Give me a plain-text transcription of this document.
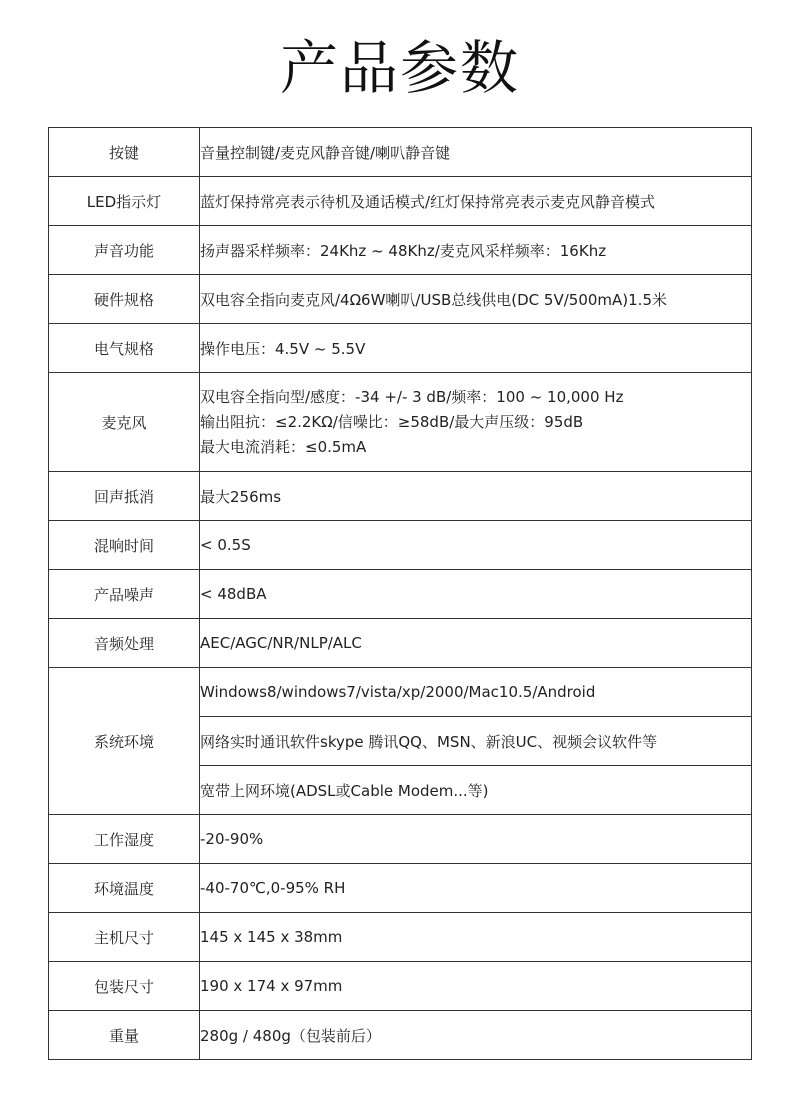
产品参数
按键	音量控制键/麦克风静音键/喇叭静音键
LED指示灯	蓝灯保持常亮表示待机及通话模式/红灯保持常亮表示麦克风静音模式
声音功能	扬声器采样频率：24Khz ~ 48Khz/麦克风采样频率：16Khz
硬件规格	双电容全指向麦克风/4Ω6W喇叭/USB总线供电(DC 5V/500mA)1.5米
电气规格	操作电压：4.5V ~ 5.5V
麦克风	双电容全指向型/感度：-34 +/- 3 dB/频率：100 ~ 10,000 Hz
输出阻抗：≤2.2KΩ/信噪比：≥58dB/最大声压级：95dB
最大电流消耗：≤0.5mA

回声抵消	最大256ms
混响时间	< 0.5S
产品噪声	< 48dBA
音频处理	AEC/AGC/NR/NLP/ALC
系统环境	Windows8/windows7/vista/xp/2000/Mac10.5/Android
	网络实时通讯软件skype 腾讯QQ、MSN、新浪UC、视频会议软件等
	宽带上网环境(ADSL或Cable Modem...等)
工作湿度	-20-90%
环境温度	-40-70℃,0-95% RH
主机尺寸	145 x 145 x 38mm
包装尺寸	190 x 174 x 97mm
重量	280g / 480g（包装前后）
